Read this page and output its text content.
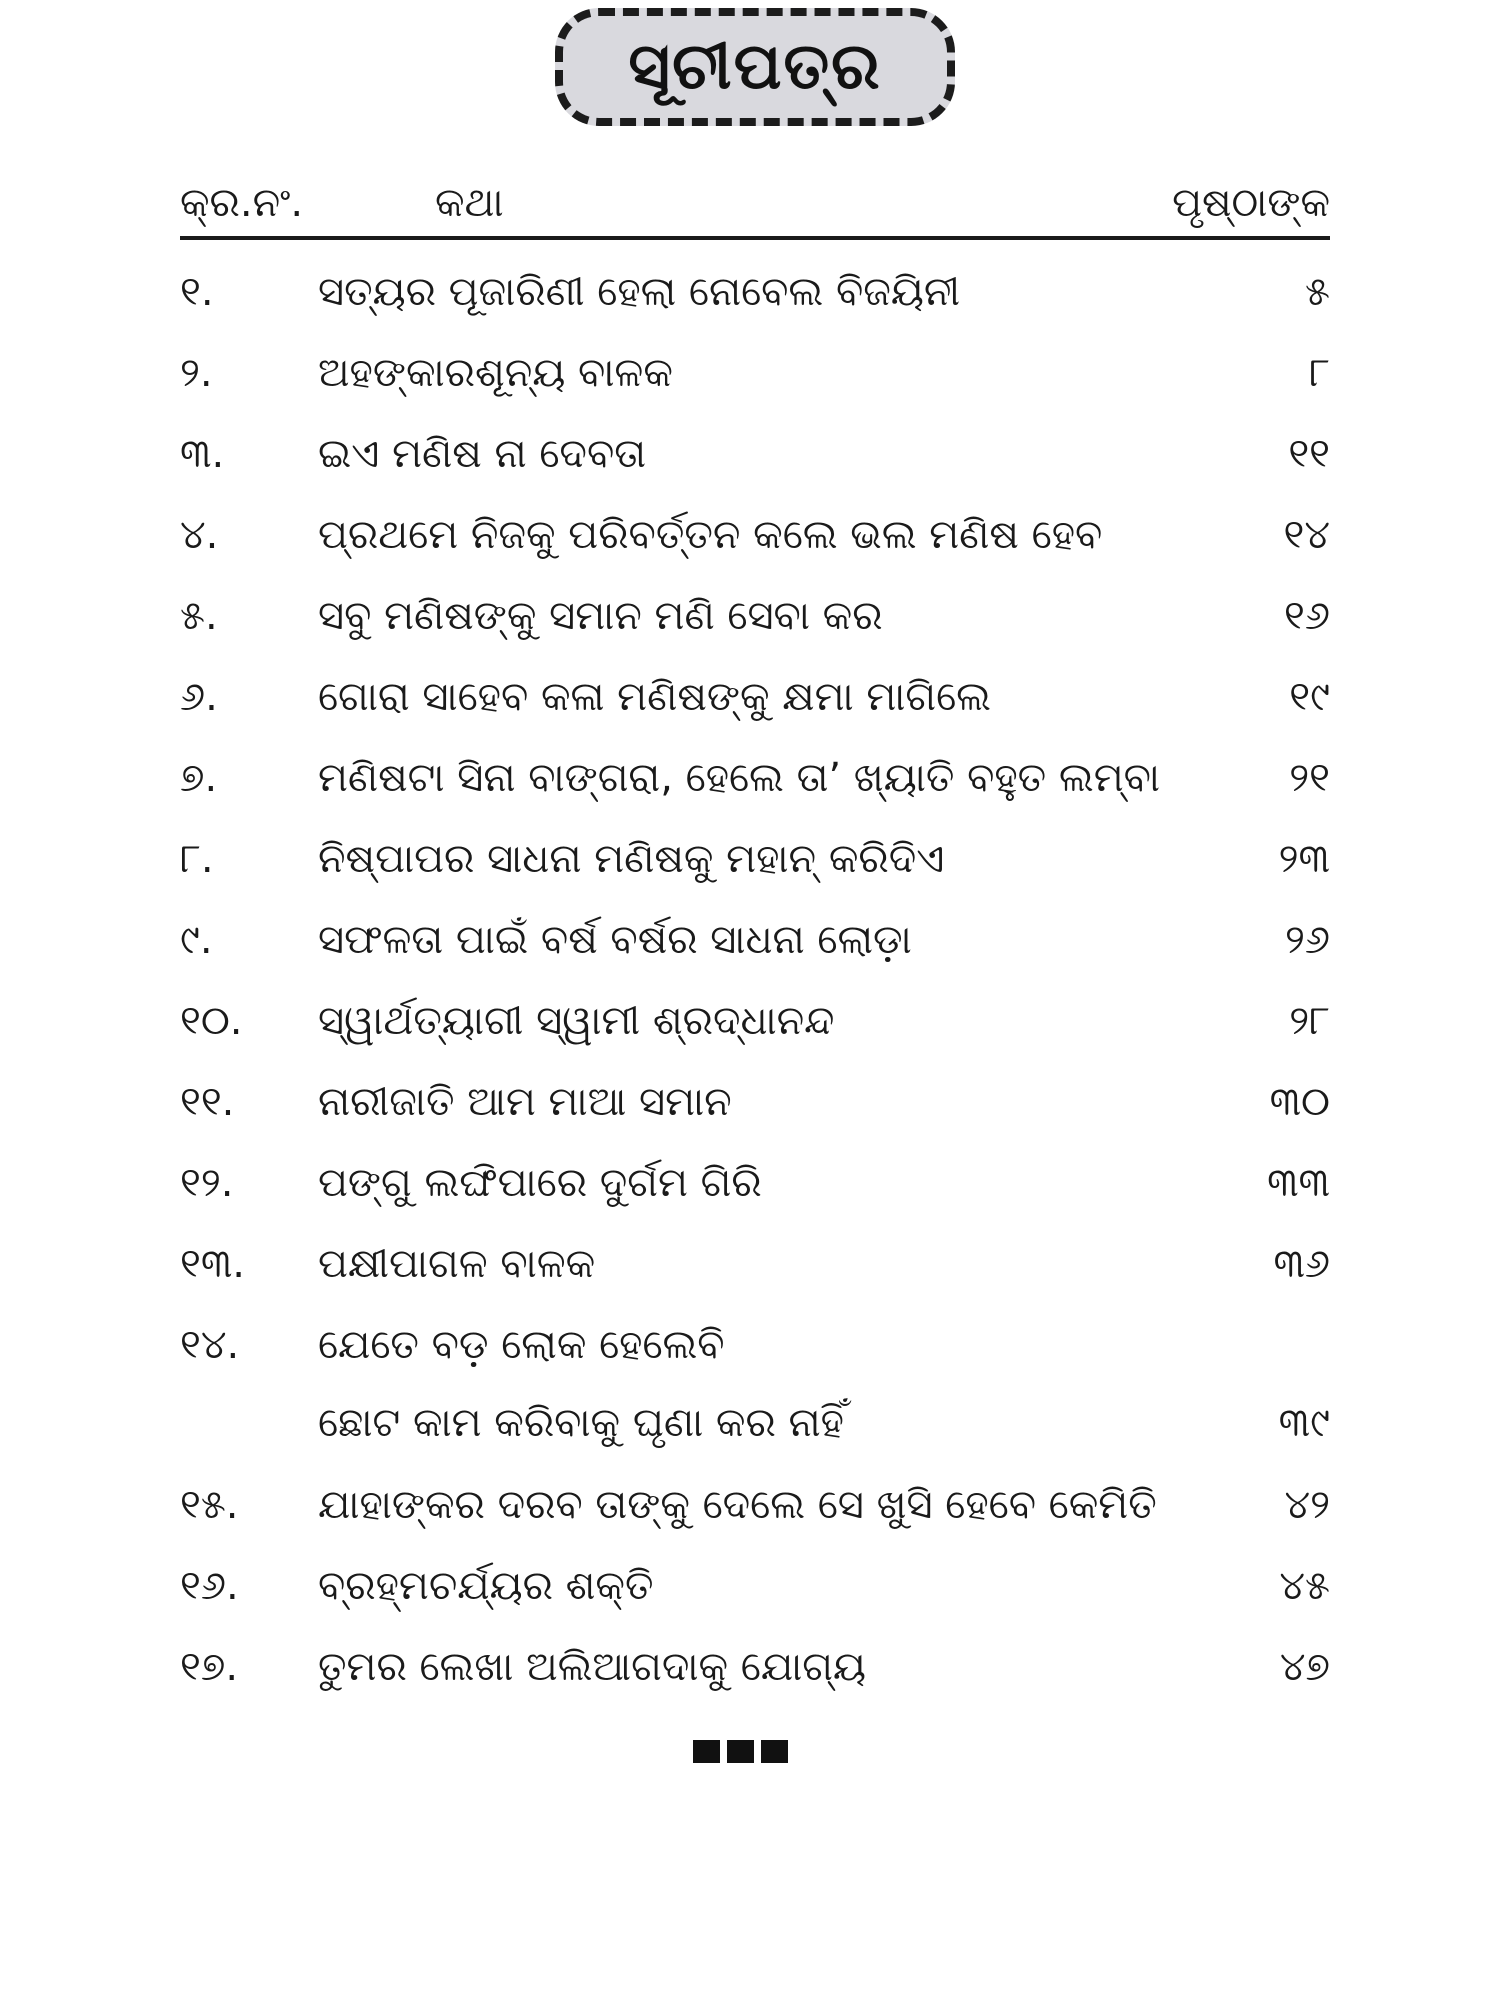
ସୂଚୀପତ୍ର
କ୍ର.ନଂ.	କଥା	ପୃଷ୍ଠାଙ୍କ
୧.	ସତ୍ୟର ପୂଜାରିଣୀ ହେଲା ନୋବେଲ ବିଜୟିନୀ	୫
୨.	ଅହଙ୍କାରଶୂନ୍ୟ ବାଳକ	୮
୩.	ଇଏ ମଣିଷ ନା ଦେବତା	୧୧
୪.	ପ୍ରଥମେ ନିଜକୁ ପରିବର୍ତ୍ତନ କଲେ ଭଲ ମଣିଷ ହେବ	୧୪
୫.	ସବୁ ମଣିଷଙ୍କୁ ସମାନ ମଣି ସେବା କର	୧୬
୬.	ଗୋରା ସାହେବ କଳା ମଣିଷଙ୍କୁ କ୍ଷମା ମାଗିଲେ	୧୯
୭.	ମଣିଷଟା ସିନା ବାଙ୍ଗରା, ହେଲେ ତା’ ଖ୍ୟାତି ବହୁତ ଲମ୍ବା	୨୧
୮.	ନିଷ୍ପାପର ସାଧନା ମଣିଷକୁ ମହାନ୍ କରିଦିଏ	୨୩
୯.	ସଫଳତା ପାଇଁ ବର୍ଷ ବର୍ଷର ସାଧନା ଲୋଡ଼ା	୨୬
୧୦.	ସ୍ୱାର୍ଥତ୍ୟାଗୀ ସ୍ୱାମୀ ଶ୍ରଦ୍ଧାନନ୍ଦ	୨୮
୧୧.	ନାରୀଜାତି ଆମ ମାଆ ସମାନ	୩୦
୧୨.	ପଙ୍ଗୁ ଲଙ୍ଘିପାରେ ଦୁର୍ଗମ ଗିରି	୩୩
୧୩.	ପକ୍ଷୀପାଗଳ ବାଳକ	୩୬
୧୪.	ଯେତେ ବଡ଼ ଲୋକ ହେଲେବି
ଛୋଟ କାମ କରିବାକୁ ଘୃଣା କର ନାହିଁ	୩୯
୧୫.	ଯାହାଙ୍କର ଦରବ ତାଙ୍କୁ ଦେଲେ ସେ ଖୁସି ହେବେ କେମିତି	୪୨
୧୬.	ବ୍ରହ୍ମଚର୍ଯ୍ୟର ଶକ୍ତି	୪୫
୧୭.	ତୁମର ଲେଖା ଅଲିଆଗଦାକୁ ଯୋଗ୍ୟ	୪୭
